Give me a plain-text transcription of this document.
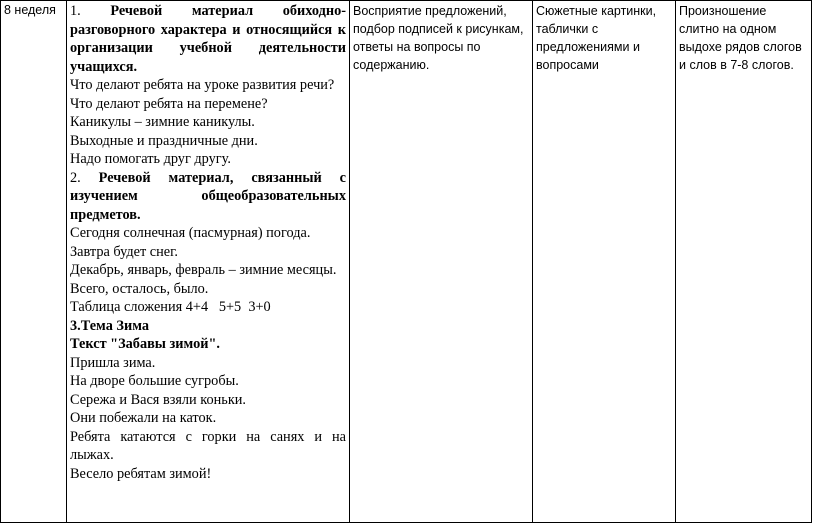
8 неделя	1. Речевой материал обиходно-разговорного характера и относящийся к организации учебной деятельности учащихся.
Что делают ребята на уроке развития речи?
Что делают ребята на перемене?
Каникулы – зимние каникулы.
Выходные и праздничные дни.
Надо помогать друг другу.
2. Речевой материал, связанный с изучением общеобразовательных предметов.
Сегодня солнечная (пасмурная) погода.
Завтра будет снег.
Декабрь, январь, февраль – зимние месяцы.
Всего, осталось, было.
Таблица сложения 4+4   5+5  3+0
3.Тема Зима
Текст "Забавы зимой".
Пришла зима.
На дворе большие сугробы.
Сережа и Вася взяли коньки.
Они побежали на каток.
Ребята катаются с горки на санях и на лыжах.
Весело ребятам зимой!
	Восприятие предложений, подбор подписей к рисункам, ответы на вопросы по содержанию.	Сюжетные картинки, таблички с предложениями и вопросами	Произношение слитно на одном выдохе рядов слогов и слов в 7-8 слогов.
